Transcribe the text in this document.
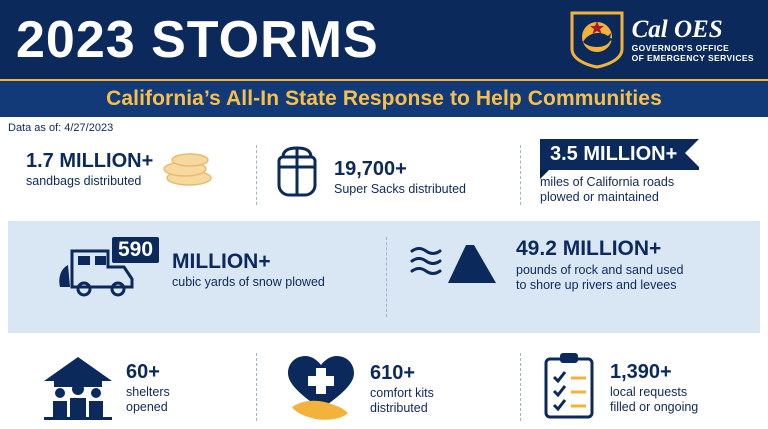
2023 STORMS	Cal OES
GOVERNOR'S OFFICE
OF EMERGENCY SERVICES
California’s All-In State Response to Help Communities
Data as of: 4/27/2023
1.7 MILLION+
sandbags distributed
19,700+
Super Sacks distributed
3.5 MILLION+
miles of California roads
plowed or maintained
590
MILLION+
cubic yards of snow plowed
49.2 MILLION+
pounds of rock and sand used
to shore up rivers and levees
60+
shelters
opened
610+
comfort kits
distributed
1,390+
local requests
filled or ongoing
